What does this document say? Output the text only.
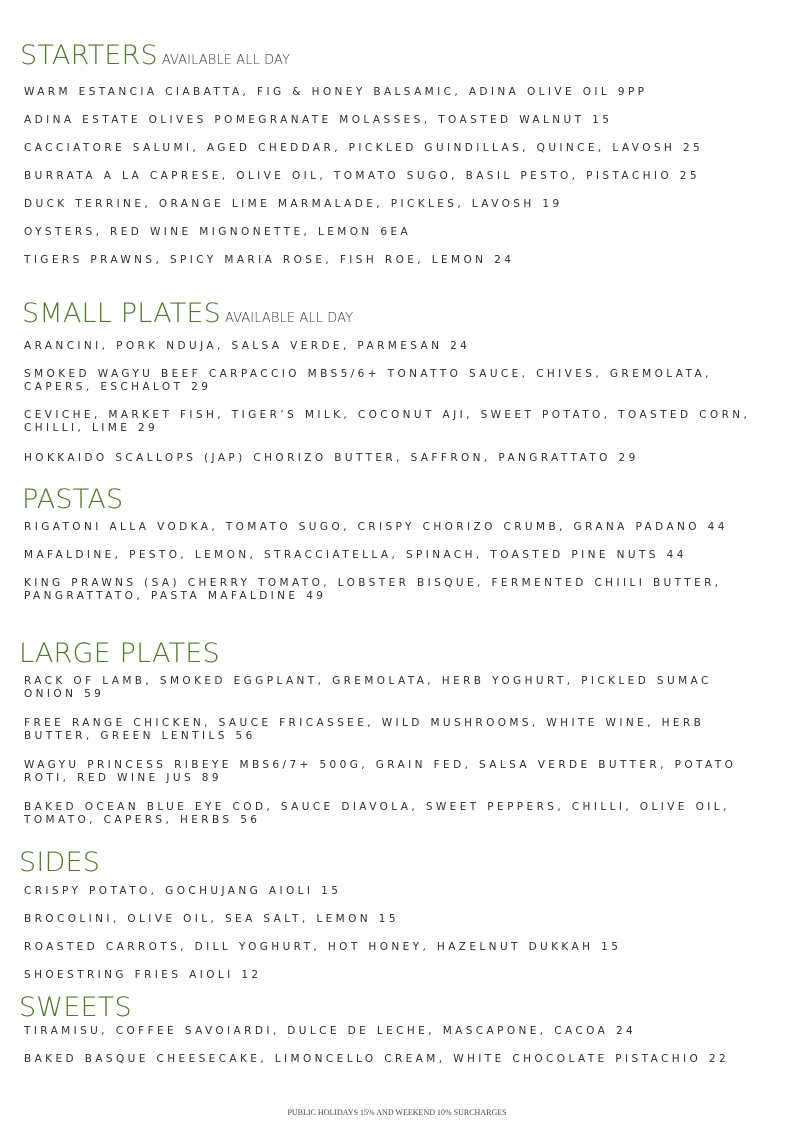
STARTERS AVAILABLE ALL DAY
WARM ESTANCIA CIABATTA, FIG & HONEY BALSAMIC, ADINA OLIVE OIL 9PP
ADINA ESTATE OLIVES POMEGRANATE MOLASSES, TOASTED WALNUT 15
CACCIATORE SALUMI, AGED CHEDDAR, PICKLED GUINDILLAS, QUINCE, LAVOSH 25
BURRATA A LA CAPRESE, OLIVE OIL, TOMATO SUGO, BASIL PESTO, PISTACHIO 25
DUCK TERRINE, ORANGE LIME MARMALADE, PICKLES, LAVOSH 19
OYSTERS, RED WINE MIGNONETTE, LEMON 6EA
TIGERS PRAWNS, SPICY MARIA ROSE, FISH ROE, LEMON 24
SMALL PLATES AVAILABLE ALL DAY
ARANCINI, PORK NDUJA, SALSA VERDE, PARMESAN 24
SMOKED WAGYU BEEF CARPACCIO MBS5/6+ TONATTO SAUCE, CHIVES, GREMOLATA, CAPERS, ESCHALOT 29
CEVICHE, MARKET FISH, TIGER’S MILK, COCONUT AJI, SWEET POTATO, TOASTED CORN, CHILLI, LIME 29
HOKKAIDO SCALLOPS (JAP) CHORIZO BUTTER, SAFFRON, PANGRATTATO 29
PASTAS
RIGATONI ALLA VODKA, TOMATO SUGO, CRISPY CHORIZO CRUMB, GRANA PADANO 44
MAFALDINE, PESTO, LEMON, STRACCIATELLA, SPINACH, TOASTED PINE NUTS 44
KING PRAWNS (SA) CHERRY TOMATO, LOBSTER BISQUE, FERMENTED CHIILI BUTTER, PANGRATTATO, PASTA MAFALDINE 49
LARGE PLATES
RACK OF LAMB, SMOKED EGGPLANT, GREMOLATA, HERB YOGHURT, PICKLED SUMAC ONION 59
FREE RANGE CHICKEN, SAUCE FRICASSEE, WILD MUSHROOMS, WHITE WINE, HERB BUTTER, GREEN LENTILS 56
WAGYU PRINCESS RIBEYE MBS6/7+ 500G, GRAIN FED, SALSA VERDE BUTTER, POTATO ROTI, RED WINE JUS 89
BAKED OCEAN BLUE EYE COD, SAUCE DIAVOLA, SWEET PEPPERS, CHILLI, OLIVE OIL, TOMATO, CAPERS, HERBS 56
SIDES
CRISPY POTATO, GOCHUJANG AIOLI 15
BROCOLINI, OLIVE OIL, SEA SALT, LEMON 15
ROASTED CARROTS, DILL YOGHURT, HOT HONEY, HAZELNUT DUKKAH 15
SHOESTRING FRIES AIOLI 12
SWEETS
TIRAMISU, COFFEE SAVOIARDI, DULCE DE LECHE, MASCAPONE, CACOA 24
BAKED BASQUE CHEESECAKE, LIMONCELLO CREAM, WHITE CHOCOLATE PISTACHIO 22
PUBLIC HOLIDAYS 15% AND WEEKEND 10% SURCHARGES
